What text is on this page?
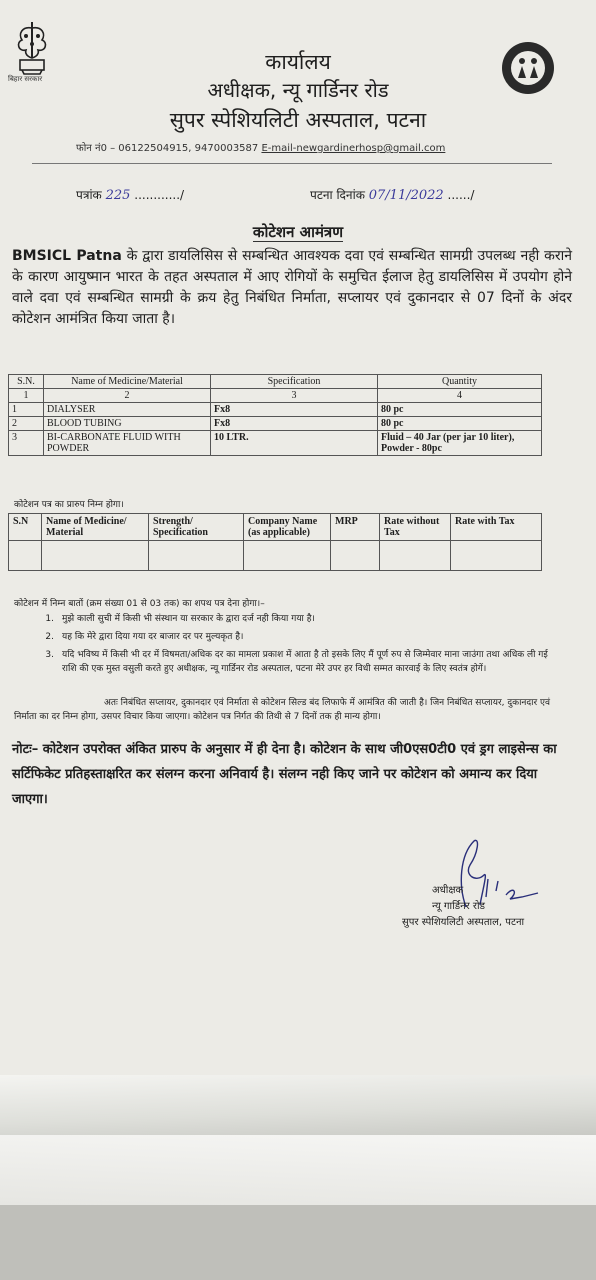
बिहार सरकार
कार्यालय
अधीक्षक, न्यू गार्डिनर रोड
सुपर स्पेशियलिटी अस्पताल, पटना
फोन नं0 – 06122504915, 9470003587 E-mail-newgardinerhosp@gmail.com
पत्रांक 225 ............/	पटना दिनांक 07/11/2022 ....../
कोटेशन आमंत्रण
BMSICL Patna के द्वारा डायलिसिस से सम्बन्धित आवश्यक दवा एवं सम्बन्धित सामग्री उपलब्ध नही कराने के कारण आयुष्मान भारत के तहत अस्पताल में आए रोगियों के समुचित ईलाज हेतु डायलिसिस में उपयोग होने वाले दवा एवं सम्बन्धित सामग्री के क्रय हेतु निबंधित निर्माता, सप्लायर एवं दुकानदार से 07 दिनों के अंदर कोटेशन आमंत्रित किया जाता है।
S.N.	Name of Medicine/Material	Specification	Quantity
1	2	3	4
1	DIALYSER	Fx8	80 pc
2	BLOOD TUBING	Fx8	80 pc
3	BI-CARBONATE FLUID WITH POWDER	10 LTR.	Fluid – 40 Jar (per jar 10 liter), Powder - 80pc
कोटेशन पत्र का प्रारुप निम्न होगा।
S.N	Name of Medicine/ Material	Strength/ Specification	Company Name (as applicable)	MRP	Rate without Tax	Rate with Tax

कोटेशन में निम्न बातों (क्रम संख्या 01 से 03 तक) का शपथ पत्र देना होगा।–
1. मुझे काली सुची में किसी भी संस्थान या सरकार के द्वारा दर्ज नही किया गया है।
2. यह कि मेरे द्वारा दिया गया दर बाजार दर पर मुल्यकृत है।
3. यदि भविष्य में किसी भी दर में विषमता/अधिक दर का मामला प्रकाश में आता है तो इसके लिए मैं पूर्ण रुप से जिम्मेवार माना जाउंगा तथा अधिक ली गई राशि की एक मुस्त वसुली करते हुए अधीक्षक, न्यू गार्डिनर रोड अस्पताल, पटना मेरे उपर हर विधी सम्मत कारवाई के लिए स्वतंत्र होगें।
अतः निबंधित सप्लायर, दुकानदार एवं निर्माता से कोटेशन सिल्ड बंद लिफाफे में आमंत्रित की जाती है। जिन निबंधित सप्लायर, दुकानदार एवं निर्माता का दर निम्न होगा, उसपर विचार किया जाएगा। कोटेशन पत्र निर्गत की तिथी से 7 दिनों तक ही मान्य होगा।
नोटः– कोटेशन उपरोक्त अंकित प्रारुप के अनुसार में ही देना है। कोटेशन के साथ जी0एस0टी0 एवं ड्रग लाइसेन्स का सर्टिफिकेट प्रतिहस्ताक्षरित कर संलग्न करना अनिवार्य है। संलग्न नही किए जाने पर कोटेशन को अमान्य कर दिया जाएगा।
अधीक्षक
न्यू गार्डिनर रोड
सुपर स्पेशियलिटी अस्पताल, पटना
